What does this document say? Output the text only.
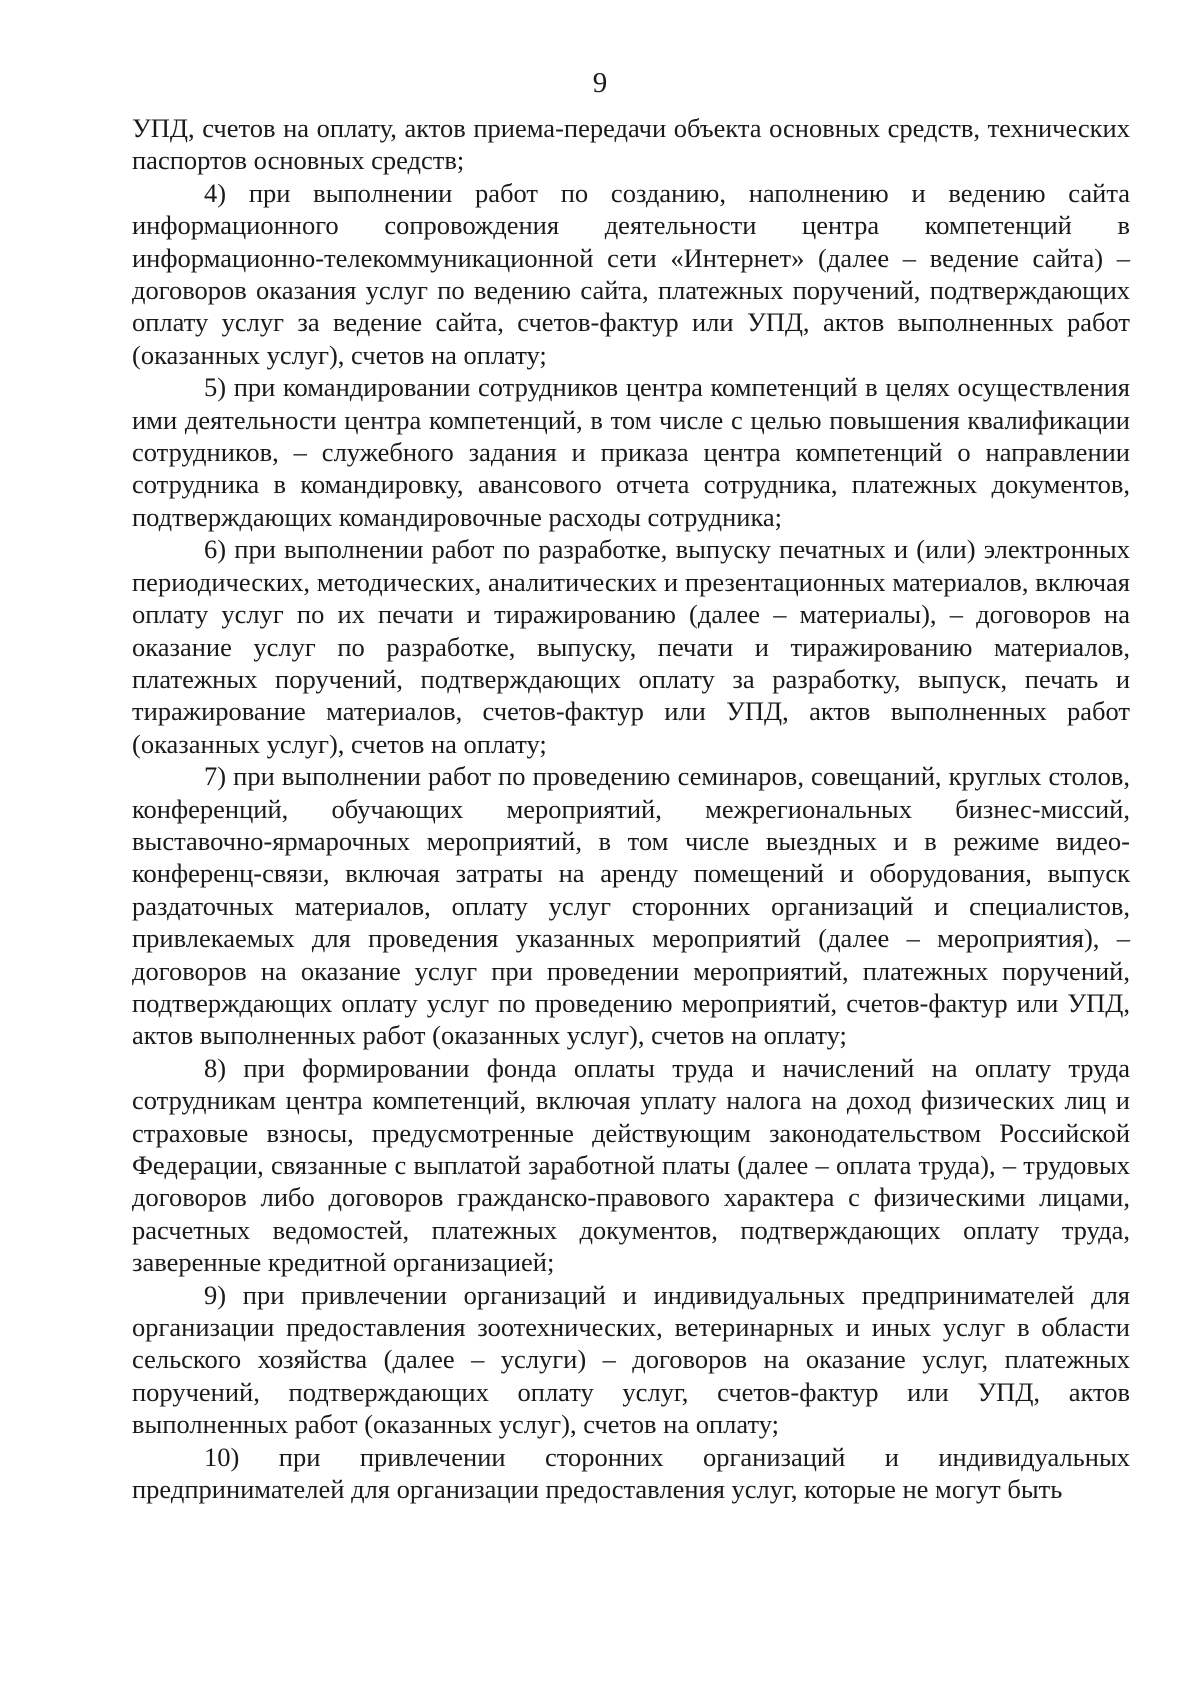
9

УПД, счетов на оплату, актов приема-передачи объекта основных средств, технических паспортов основных средств;

4) при выполнении работ по созданию, наполнению и ведению сайта информационного сопровождения деятельности центра компетенций в информационно-телекоммуникационной сети «Интернет» (далее – ведение сайта) – договоров оказания услуг по ведению сайта, платежных поручений, подтверждающих оплату услуг за ведение сайта, счетов-фактур или УПД, актов выполненных работ (оказанных услуг), счетов на оплату;

5) при командировании сотрудников центра компетенций в целях осуществления ими деятельности центра компетенций, в том числе с целью повышения квалификации сотрудников, – служебного задания и приказа центра компетенций о направлении сотрудника в командировку, авансового отчета сотрудника, платежных документов, подтверждающих командировочные расходы сотрудника;

6) при выполнении работ по разработке, выпуску печатных и (или) электронных периодических, методических, аналитических и презентационных материалов, включая оплату услуг по их печати и тиражированию (далее – материалы), – договоров на оказание услуг по разработке, выпуску, печати и тиражированию материалов, платежных поручений, подтверждающих оплату за разработку, выпуск, печать и тиражирование материалов, счетов-фактур или УПД, актов выполненных работ (оказанных услуг), счетов на оплату;

7) при выполнении работ по проведению семинаров, совещаний, круглых столов, конференций, обучающих мероприятий, межрегиональных бизнес-миссий, выставочно-ярмарочных мероприятий, в том числе выездных и в режиме видео-конференц-связи, включая затраты на аренду помещений и оборудования, выпуск раздаточных материалов, оплату услуг сторонних организаций и специалистов, привлекаемых для проведения указанных мероприятий (далее – мероприятия), – договоров на оказание услуг при проведении мероприятий, платежных поручений, подтверждающих оплату услуг по проведению мероприятий, счетов-фактур или УПД, актов выполненных работ (оказанных услуг), счетов на оплату;

8) при формировании фонда оплаты труда и начислений на оплату труда сотрудникам центра компетенций, включая уплату налога на доход физических лиц и страховые взносы, предусмотренные действующим законодательством Российской Федерации, связанные с выплатой заработной платы (далее – оплата труда), – трудовых договоров либо договоров гражданско-правового характера с физическими лицами, расчетных ведомостей, платежных документов, подтверждающих оплату труда, заверенные кредитной организацией;

9) при привлечении организаций и индивидуальных предпринимателей для организации предоставления зоотехнических, ветеринарных и иных услуг в области сельского хозяйства (далее – услуги) – договоров на оказание услуг, платежных поручений, подтверждающих оплату услуг, счетов-фактур или УПД, актов выполненных работ (оказанных услуг), счетов на оплату;

10) при привлечении сторонних организаций и индивидуальных предпринимателей для организации предоставления услуг, которые не могут быть
